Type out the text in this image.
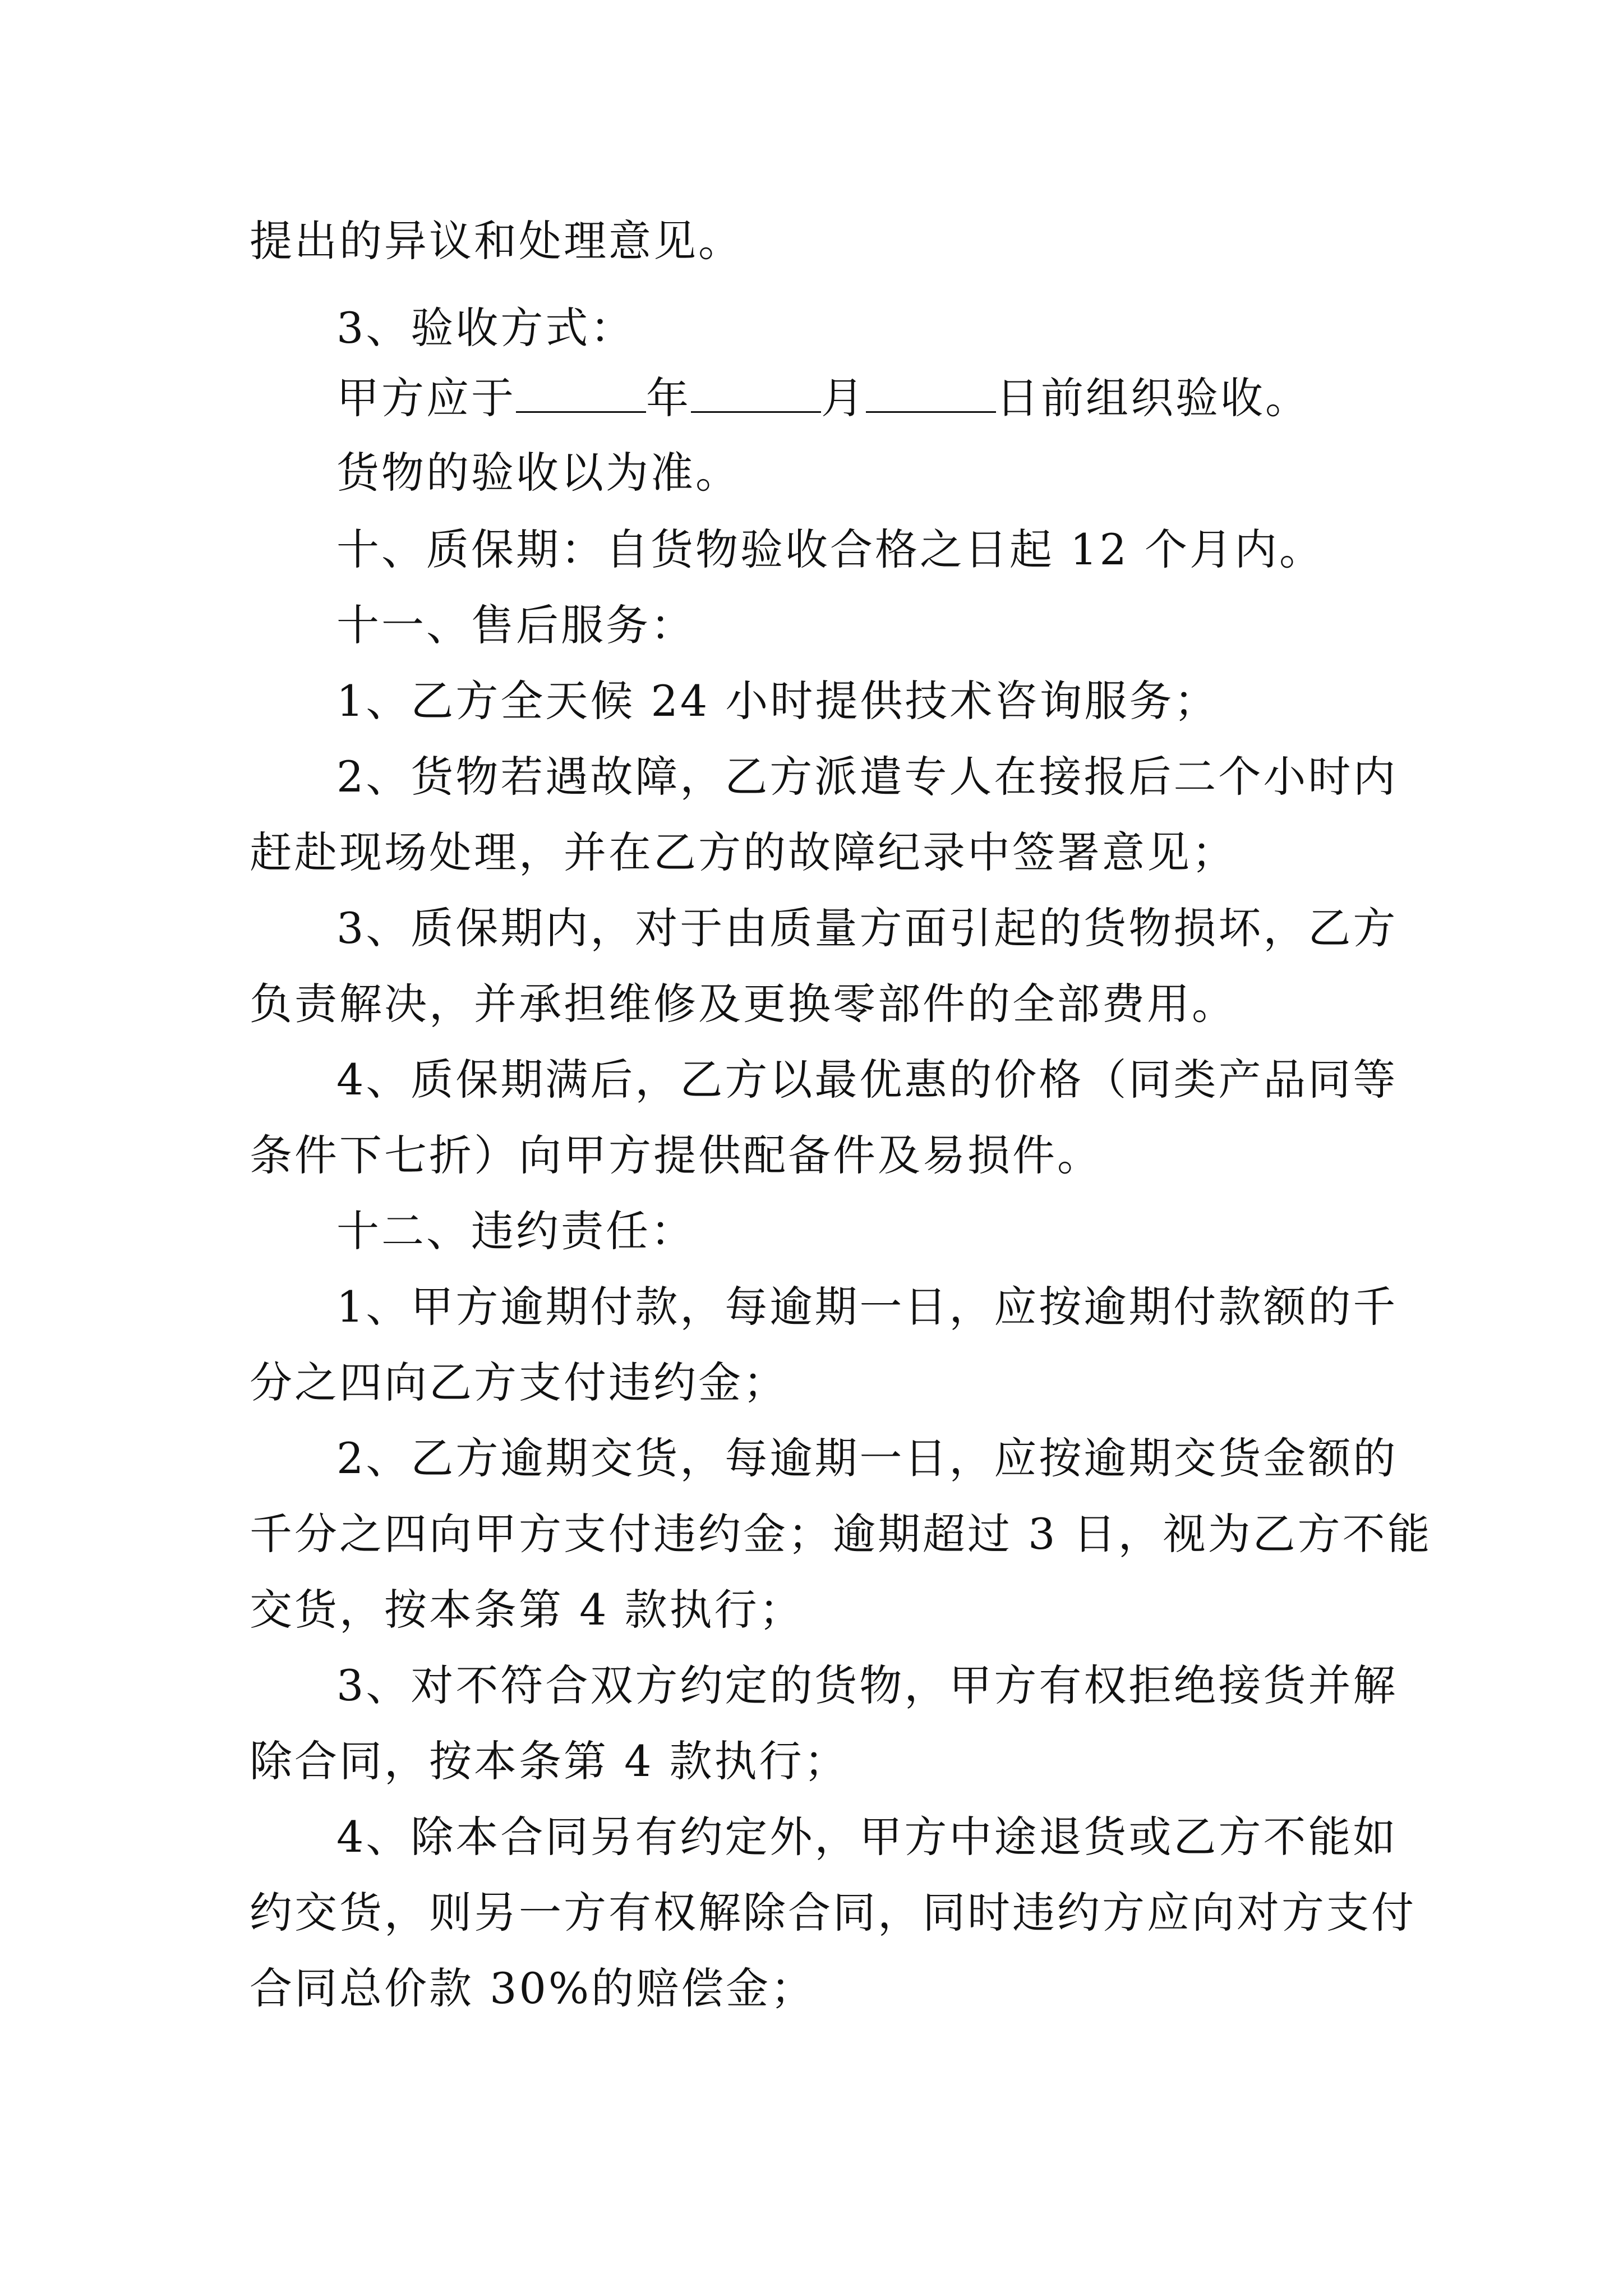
提出的异议和处理意见。
3、验收方式：
甲方应于	年	月	日前组织验收。
货物的验收以为准。
十、质保期：自货物验收合格之日起 12 个月内。
十一、售后服务：
1、乙方全天候 24 小时提供技术咨询服务；
2、货物若遇故障，乙方派遣专人在接报后二个小时内
赶赴现场处理，并在乙方的故障纪录中签署意见；
3、质保期内，对于由质量方面引起的货物损坏，乙方
负责解决，并承担维修及更换零部件的全部费用。
4、质保期满后，乙方以最优惠的价格（同类产品同等
条件下七折）向甲方提供配备件及易损件。
十二、违约责任：
1、甲方逾期付款，每逾期一日，应按逾期付款额的千
分之四向乙方支付违约金；
2、乙方逾期交货，每逾期一日，应按逾期交货金额的
千分之四向甲方支付违约金；逾期超过 3 日，视为乙方不能
交货，按本条第 4 款执行；
3、对不符合双方约定的货物，甲方有权拒绝接货并解
除合同，按本条第 4 款执行；
4、除本合同另有约定外，甲方中途退货或乙方不能如
约交货，则另一方有权解除合同，同时违约方应向对方支付
合同总价款 30%的赔偿金；
